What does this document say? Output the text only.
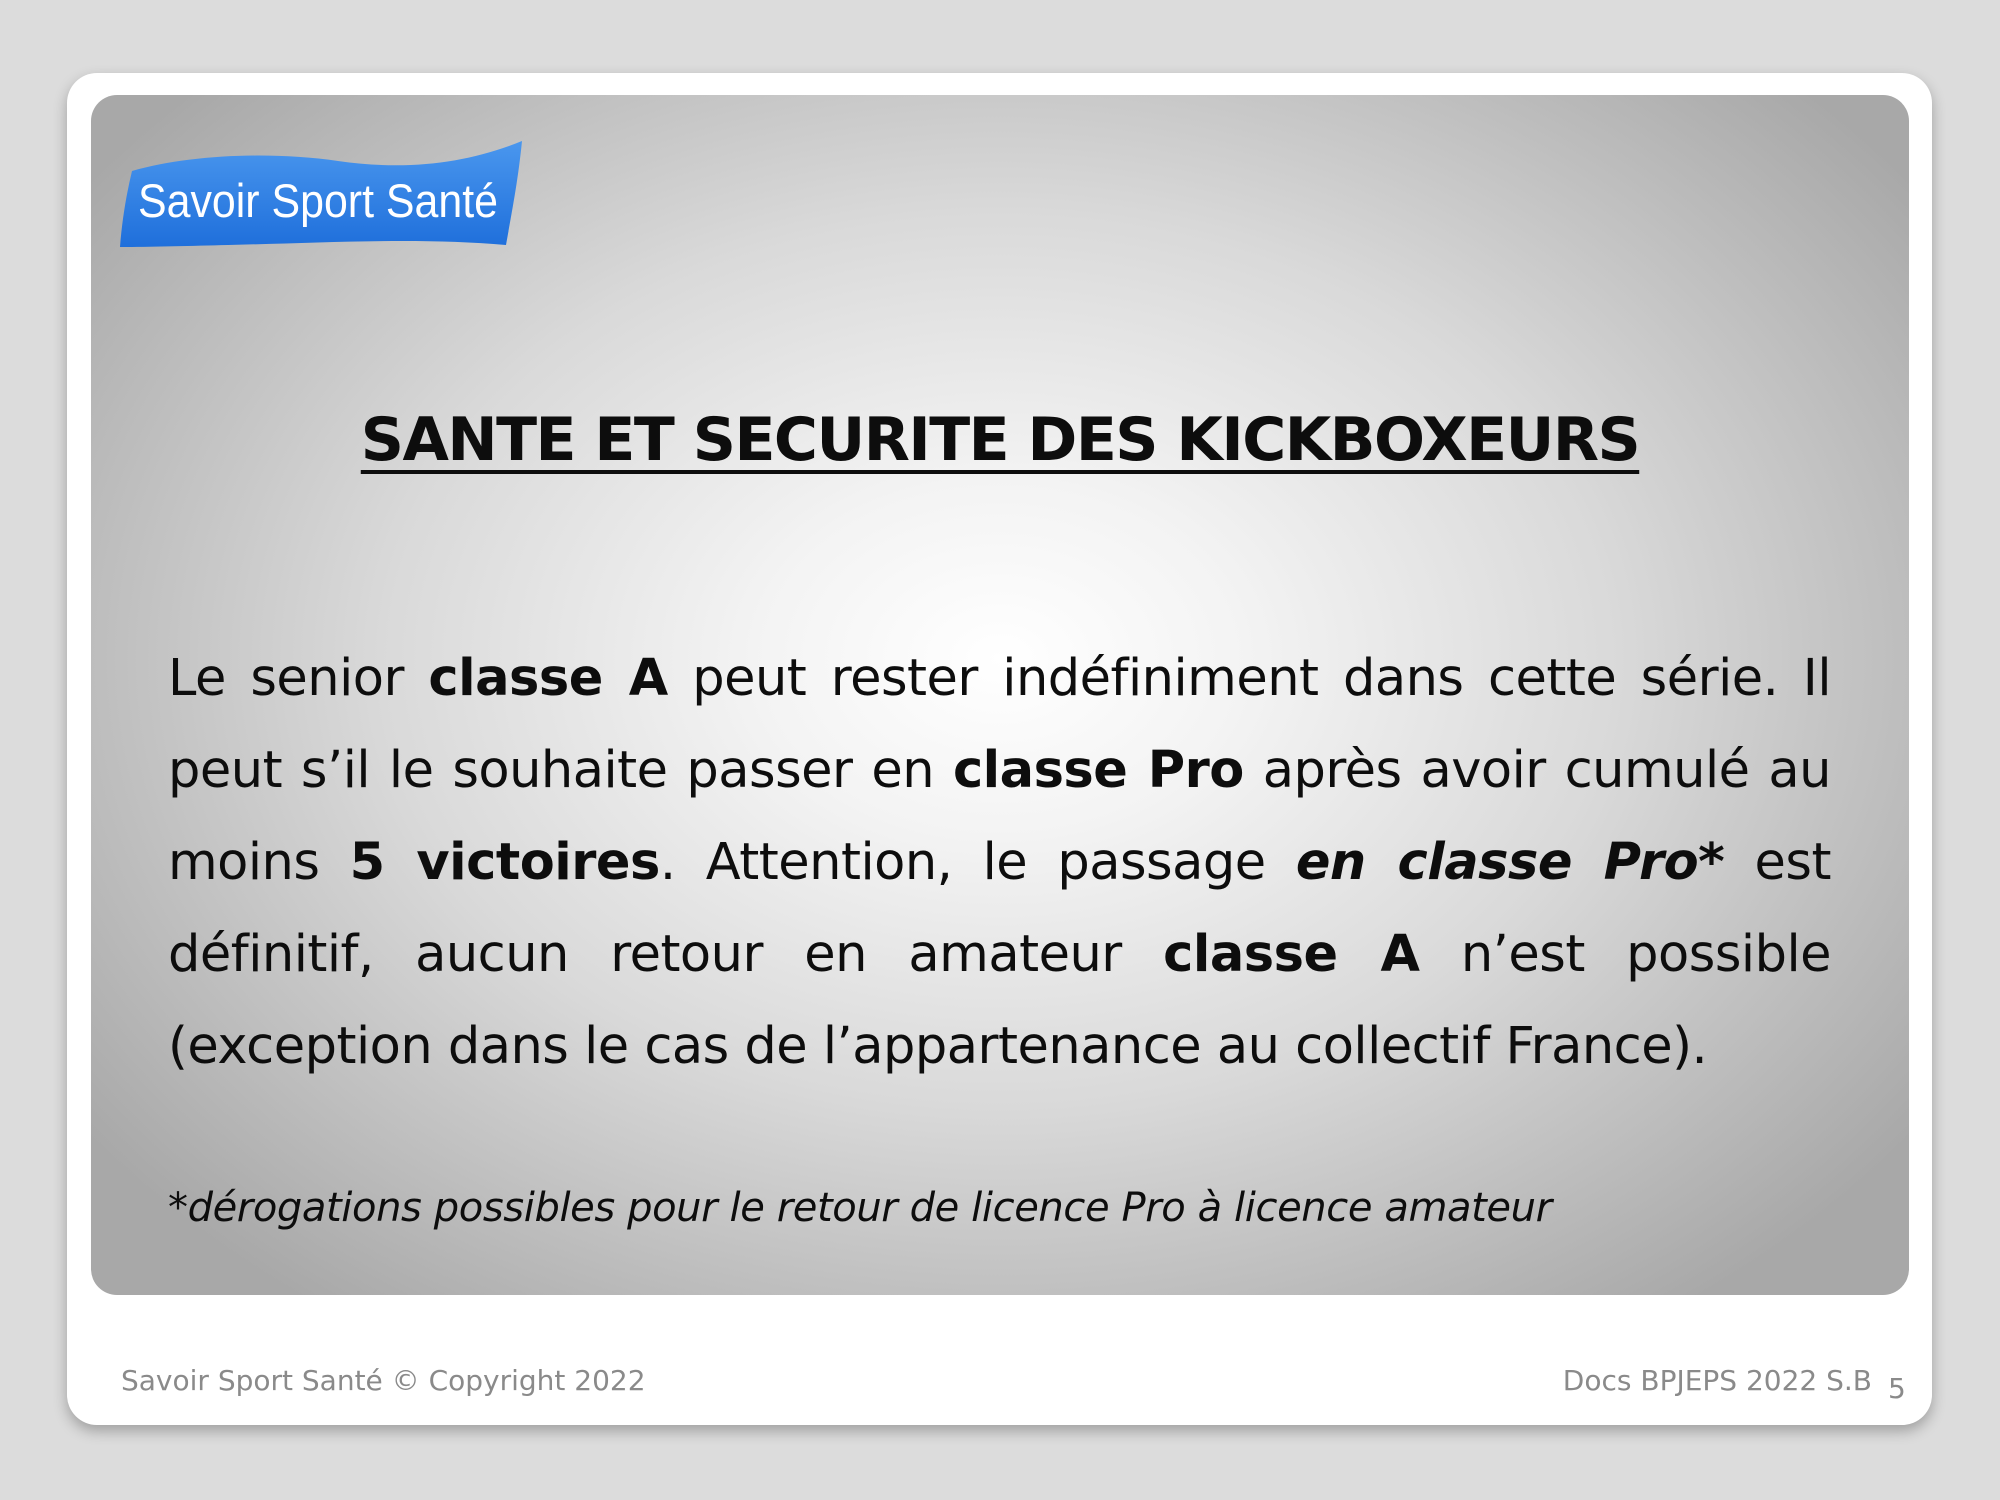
Savoir Sport Santé
SANTE ET SECURITE DES KICKBOXEURS
Le senior classe A peut rester indéfiniment dans cette série. Il peut s’il le souhaite passer en classe Pro après avoir cumulé au moins 5 victoires. Attention, le passage en classe Pro* est définitif, aucun retour en amateur classe A n’est possible (exception dans le cas de l’appartenance au collectif France).
*dérogations possibles pour le retour de licence Pro à licence amateur
Savoir Sport Santé © Copyright 2022	Docs BPJEPS 2022 S.B 5
